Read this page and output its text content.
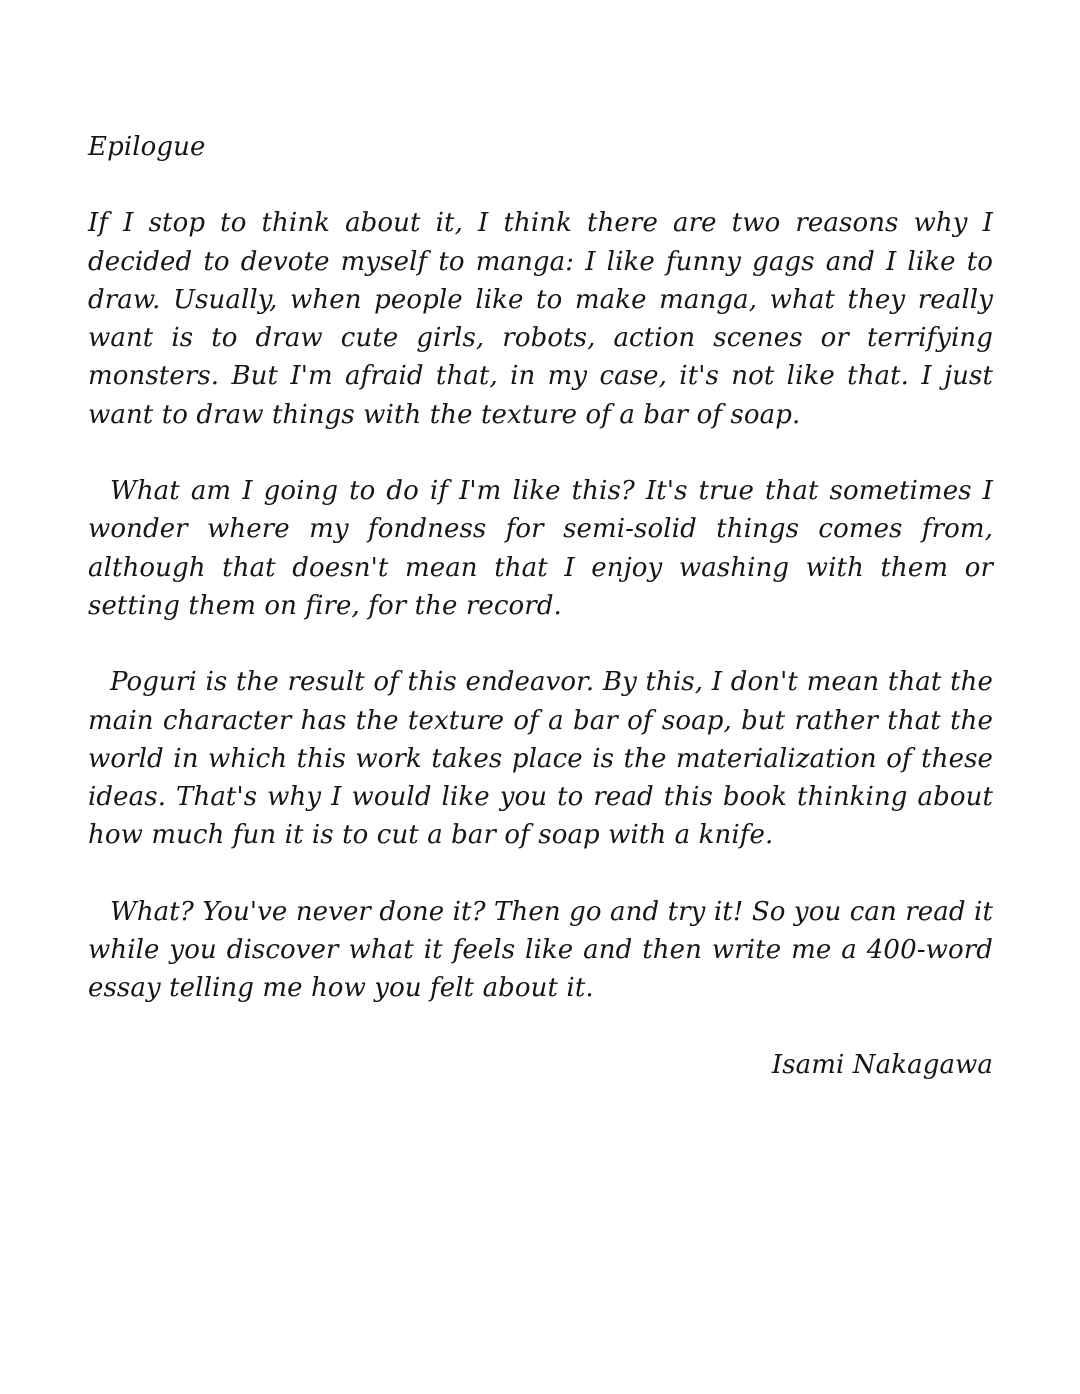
Epilogue

If I stop to think about it, I think there are two reasons why I decided to devote myself to manga: I like funny gags and I like to draw. Usually, when people like to make manga, what they really want is to draw cute girls, robots, action scenes or terrifying monsters. But I'm afraid that, in my case, it's not like that. I just want to draw things with the texture of a bar of soap.

What am I going to do if I'm like this? It's true that sometimes I wonder where my fondness for semi-solid things comes from, although that doesn't mean that I enjoy washing with them or setting them on fire, for the record.

Poguri is the result of this endeavor. By this, I don't mean that the main character has the texture of a bar of soap, but rather that the world in which this work takes place is the materialization of these ideas. That's why I would like you to read this book thinking about how much fun it is to cut a bar of soap with a knife.

What? You've never done it? Then go and try it! So you can read it while you discover what it feels like and then write me a 400-word essay telling me how you felt about it.

Isami Nakagawa
